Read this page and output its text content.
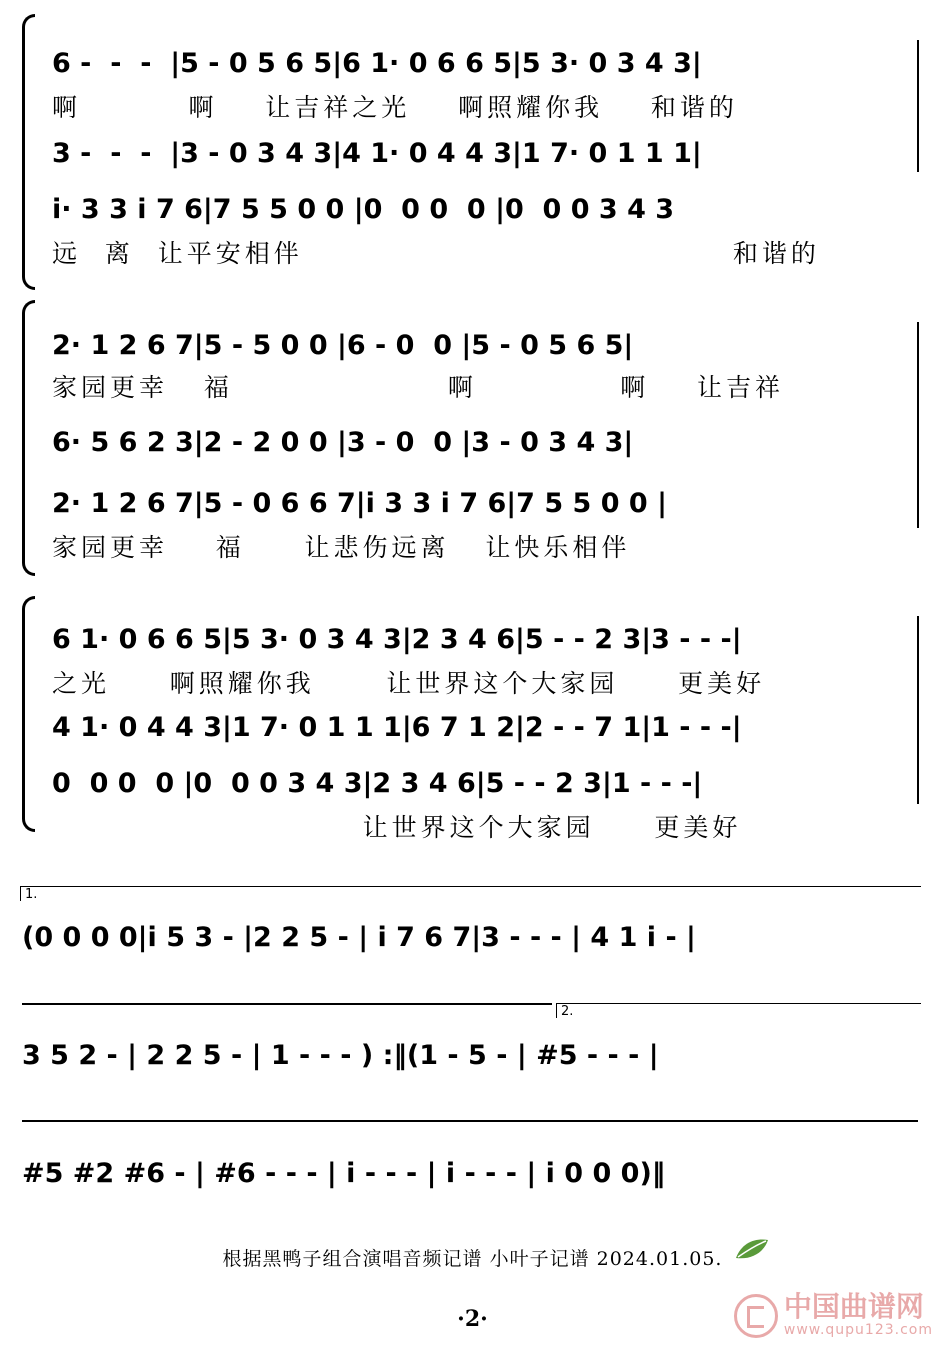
6 -  -  -  |5 - 0 5 6 5|6 1· 0 6 6 5|5 3· 0 3 4 3|
啊         啊    让吉祥之光    啊照耀你我    和谐的
3 -  -  -  |3 - 0 3 4 3|4 1· 0 4 4 3|1 7· 0 1 1 1|
i· 3 3 i 7 6|7 5 5 0 0 |0  0 0  0 |0  0 0 3 4 3
远  离  让平安相伴                                    和谐的
2· 1 2 6 7|5 - 5 0 0 |6 - 0  0 |5 - 0 5 6 5|
家园更幸   福                  啊            啊    让吉祥
6· 5 6 2 3|2 - 2 0 0 |3 - 0  0 |3 - 0 3 4 3|
2· 1 2 6 7|5 - 0 6 6 7|i 3 3 i 7 6|7 5 5 0 0 |
家园更幸    福     让悲伤远离   让快乐相伴
6 1· 0 6 6 5|5 3· 0 3 4 3|2 3 4 6|5 - - 2 3|3 - - -|
之光     啊照耀你我      让世界这个大家园     更美好
4 1· 0 4 4 3|1 7· 0 1 1 1|6 7 1 2|2 - - 7 1|1 - - -|
0  0 0  0 |0  0 0 3 4 3|2 3 4 6|5 - - 2 3|1 - - -|
让世界这个大家园     更美好
1.
(0 0 0 0|i 5 3 - |2 2 5 - | i 7 6 7|3 - - - | 4 1 i - |
2.
3 5 2 - | 2 2 5 - | 1 - - - ) :‖(1 - 5 - | #5 - - - |
#5 #2 #6 - | #6 - - - | i - - - | i - - - | i 0 0 0)‖
根据黑鸭子组合演唱音频记谱 小叶子记谱 2024.01.05.
·2·	中国曲谱网
www.qupu123.com
